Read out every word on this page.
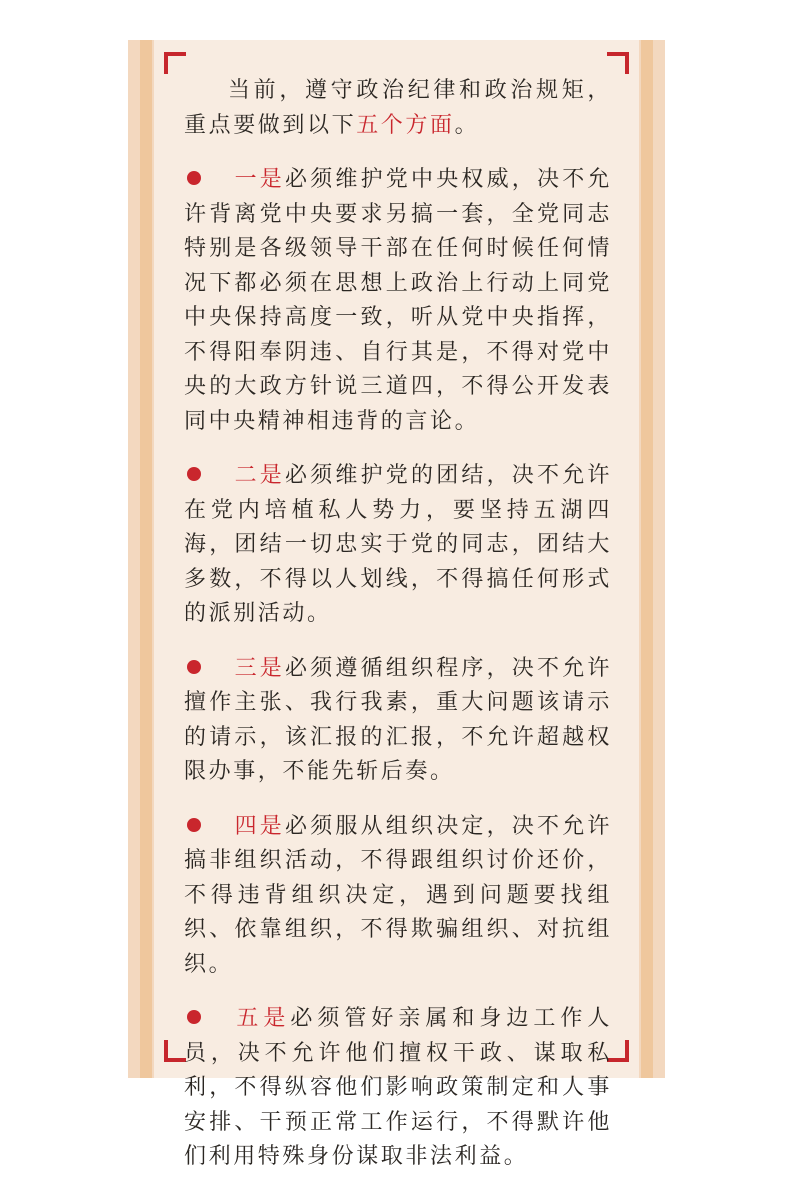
当前，遵守政治纪律和政治规矩，重点要做到以下五个方面。

一是必须维护党中央权威，决不允许背离党中央要求另搞一套，全党同志特别是各级领导干部在任何时候任何情况下都必须在思想上政治上行动上同党中央保持高度一致，听从党中央指挥，不得阳奉阴违、自行其是，不得对党中央的大政方针说三道四，不得公开发表同中央精神相违背的言论。

二是必须维护党的团结，决不允许在党内培植私人势力，要坚持五湖四海，团结一切忠实于党的同志，团结大多数，不得以人划线，不得搞任何形式的派别活动。

三是必须遵循组织程序，决不允许擅作主张、我行我素，重大问题该请示的请示，该汇报的汇报，不允许超越权限办事，不能先斩后奏。

四是必须服从组织决定，决不允许搞非组织活动，不得跟组织讨价还价，不得违背组织决定，遇到问题要找组织、依靠组织，不得欺骗组织、对抗组织。

五是必须管好亲属和身边工作人员，决不允许他们擅权干政、谋取私利，不得纵容他们影响政策制定和人事安排、干预正常工作运行，不得默许他们利用特殊身份谋取非法利益。
